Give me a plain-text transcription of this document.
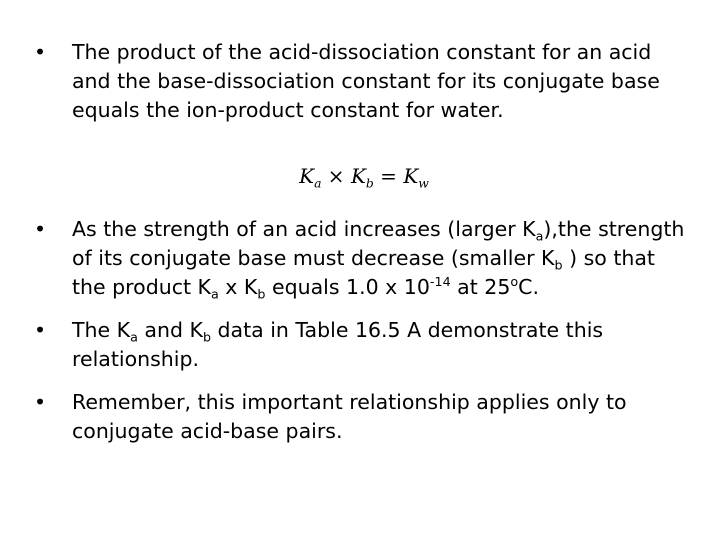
•	The product of the acid-dissociation constant for an acid and the base-dissociation constant for its conjugate base equals the ion-product constant for water.
$K_a \times K_b = K_w$
•	As the strength of an acid increases (larger $K_a),the$ strength of its conjugate base must decrease (smaller $K_b$ ) so that the product $K_a$ x $K_b$ equals 1.0 x $10^{-14}$ at 25$^o$C.
•	The $K_a$ and $K_b$ data in Table 16.5 A demonstrate this relationship.
•	Remember, this important relationship applies only to conjugate acid-base pairs.
